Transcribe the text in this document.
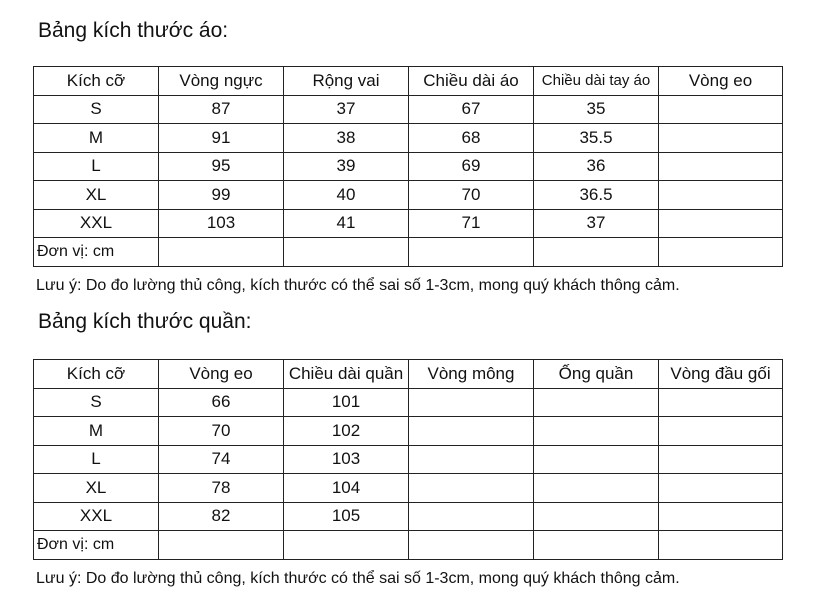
Bảng kích thước áo:
Kích cỡ	Vòng ngực	Rộng vai	Chiều dài áo	Chiều dài tay áo	Vòng eo
S	87	37	67	35	
M	91	38	68	35.5	
L	95	39	69	36	
XL	99	40	70	36.5	
XXL	103	41	71	37	
Đơn vị: cm					

Lưu ý: Do đo lường thủ công, kích thước có thể sai số 1-3cm, mong quý khách thông cảm.

Bảng kích thước quần:
Kích cỡ	Vòng eo	Chiều dài quần	Vòng mông	Ống quần	Vòng đầu gối
S	66	101			
M	70	102			
L	74	103			
XL	78	104			
XXL	82	105			
Đơn vị: cm					

Lưu ý: Do đo lường thủ công, kích thước có thể sai số 1-3cm, mong quý khách thông cảm.
